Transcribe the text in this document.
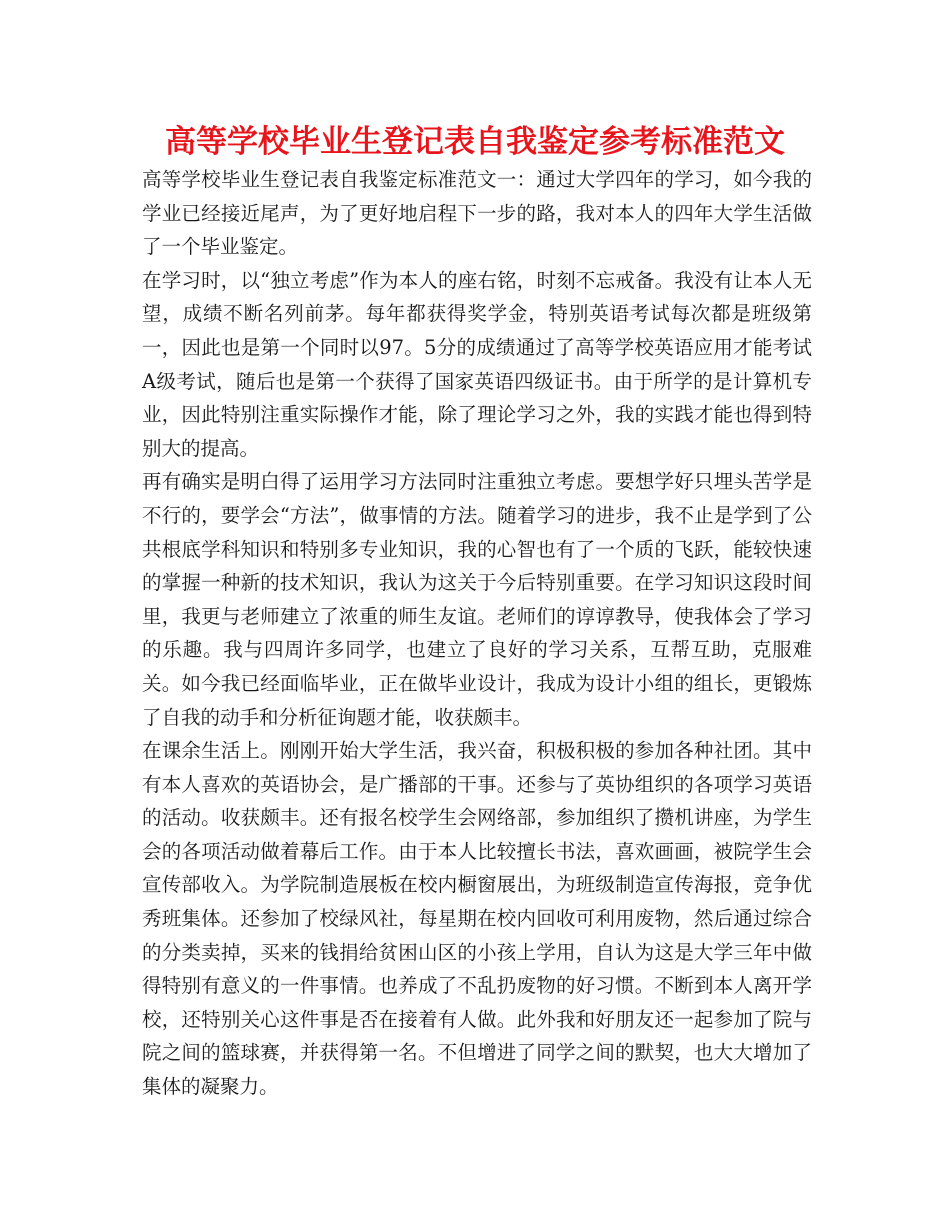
高等学校毕业生登记表自我鉴定参考标准范文

高等学校毕业生登记表自我鉴定标准范文一：通过大学四年的学习，如今我的学业已经接近尾声，为了更好地启程下一步的路，我对本人的四年大学生活做了一个毕业鉴定。

在学习时，以“独立考虑”作为本人的座右铭，时刻不忘戒备。我没有让本人无望，成绩不断名列前茅。每年都获得奖学金，特别英语考试每次都是班级第一，因此也是第一个同时以97。5分的成绩通过了高等学校英语应用才能考试A级考试，随后也是第一个获得了国家英语四级证书。由于所学的是计算机专业，因此特别注重实际操作才能，除了理论学习之外，我的实践才能也得到特别大的提高。

再有确实是明白得了运用学习方法同时注重独立考虑。要想学好只埋头苦学是不行的，要学会“方法”，做事情的方法。随着学习的进步，我不止是学到了公共根底学科知识和特别多专业知识，我的心智也有了一个质的飞跃，能较快速的掌握一种新的技术知识，我认为这关于今后特别重要。在学习知识这段时间里，我更与老师建立了浓重的师生友谊。老师们的谆谆教导，使我体会了学习的乐趣。我与四周许多同学，也建立了良好的学习关系，互帮互助，克服难关。如今我已经面临毕业，正在做毕业设计，我成为设计小组的组长，更锻炼了自我的动手和分析征询题才能，收获颇丰。

在课余生活上。刚刚开始大学生活，我兴奋，积极积极的参加各种社团。其中有本人喜欢的英语协会，是广播部的干事。还参与了英协组织的各项学习英语的活动。收获颇丰。还有报名校学生会网络部，参加组织了攒机讲座，为学生会的各项活动做着幕后工作。由于本人比较擅长书法，喜欢画画，被院学生会宣传部收入。为学院制造展板在校内橱窗展出，为班级制造宣传海报，竞争优秀班集体。还参加了校绿风社，每星期在校内回收可利用废物，然后通过综合的分类卖掉，买来的钱捐给贫困山区的小孩上学用，自认为这是大学三年中做得特别有意义的一件事情。也养成了不乱扔废物的好习惯。不断到本人离开学校，还特别关心这件事是否在接着有人做。此外我和好朋友还一起参加了院与院之间的篮球赛，并获得第一名。不但增进了同学之间的默契，也大大增加了集体的凝聚力。
